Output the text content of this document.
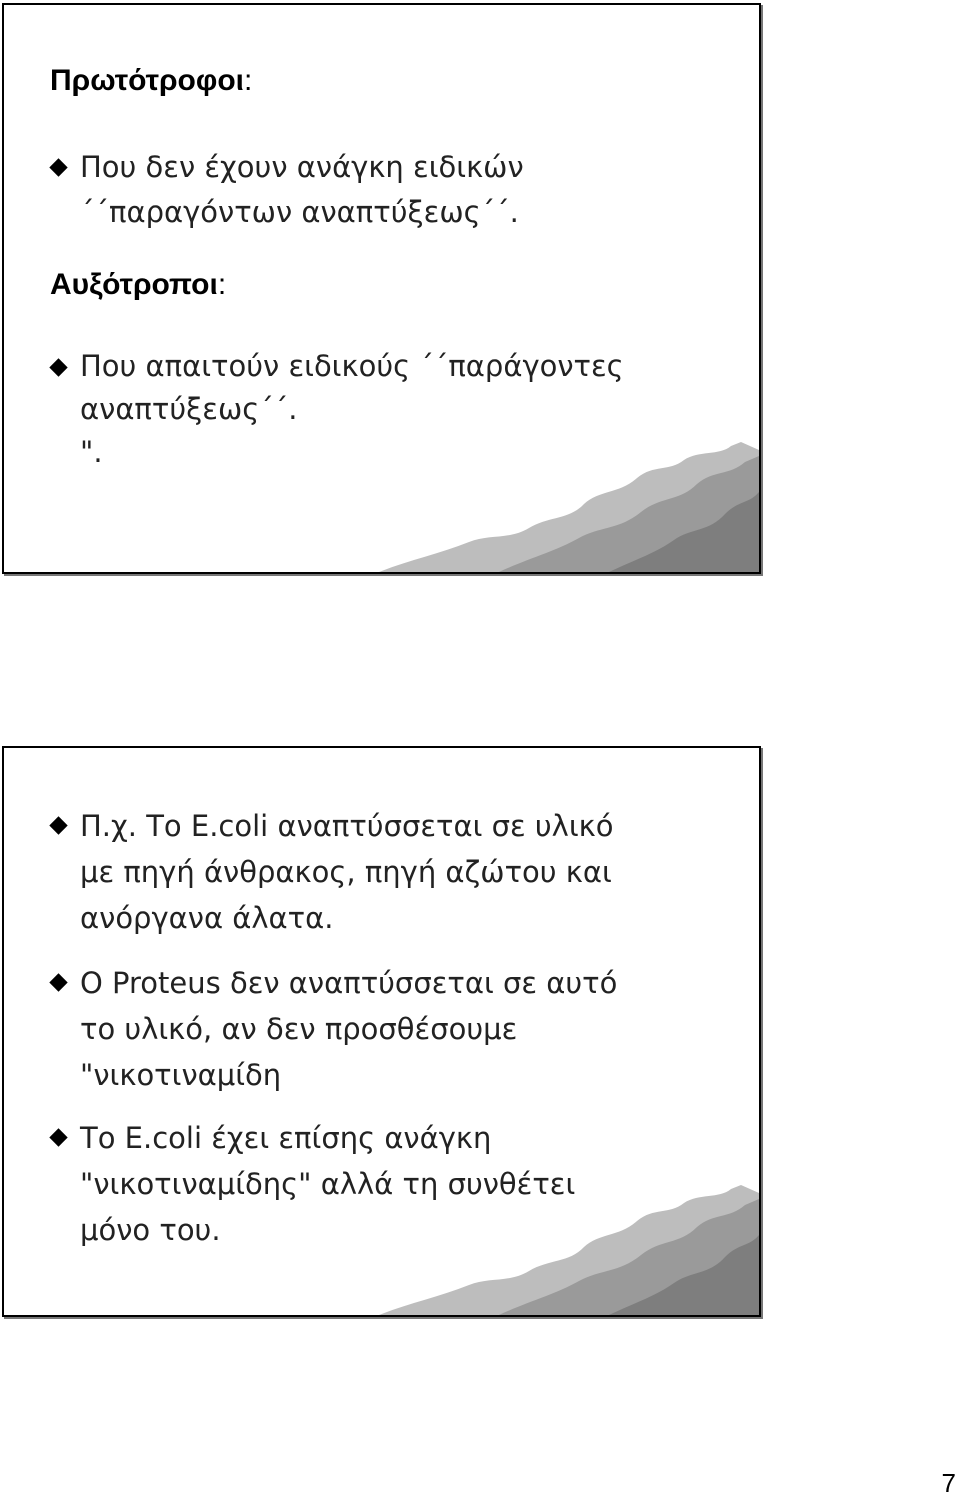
Πρωτότροφοι:
Που δεν έχουν ανάγκη ειδικών
΄΄παραγόντων αναπτύξεως΄΄.
Αυξότροποι:
Που απαιτούν ειδικούς ΄΄παράγοντες
αναπτύξεως΄΄.
".
Π.χ. Το E.coli αναπτύσσεται σε υλικό
με πηγή άνθρακος, πηγή αζώτου και
ανόργανα άλατα.
Ο Proteus δεν αναπτύσσεται σε αυτό
το υλικό, αν δεν προσθέσουμε
"νικοτιναμίδη
Το E.coli έχει επίσης ανάγκη
"νικοτιναμίδης" αλλά τη συνθέτει
μόνο του.
7
